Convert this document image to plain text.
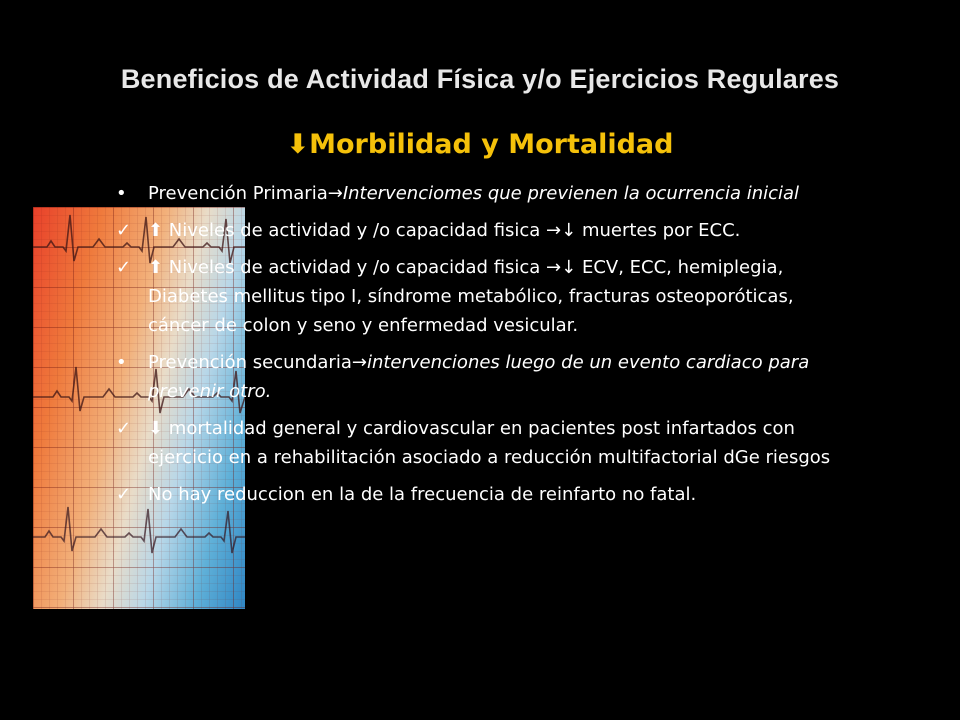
Beneficios de Actividad Física y/o Ejercicios Regulares
⬇Morbilidad y Mortalidad
•	Prevención Primaria→Intervenciomes que previenen la ocurrencia inicial
✓ ⬆ Niveles de actividad y /o capacidad fisica →↓ muertes por ECC.
✓ ⬆ Niveles de actividad y /o capacidad fisica →↓ ECV, ECC, hemiplegia, Diabetes mellitus tipo I, síndrome metabólico, fracturas osteoporóticas, cáncer de colon y seno y enfermedad vesicular.
•	Prevención secundaria→intervenciones luego de un evento cardiaco para prevenir otro.
✓ ⬇ mortalidad general y cardiovascular en pacientes post infartados con ejercicio en a rehabilitación asociado a reducción multifactorial dGe riesgos
✓ No hay reduccion en la de la frecuencia de reinfarto no fatal.
